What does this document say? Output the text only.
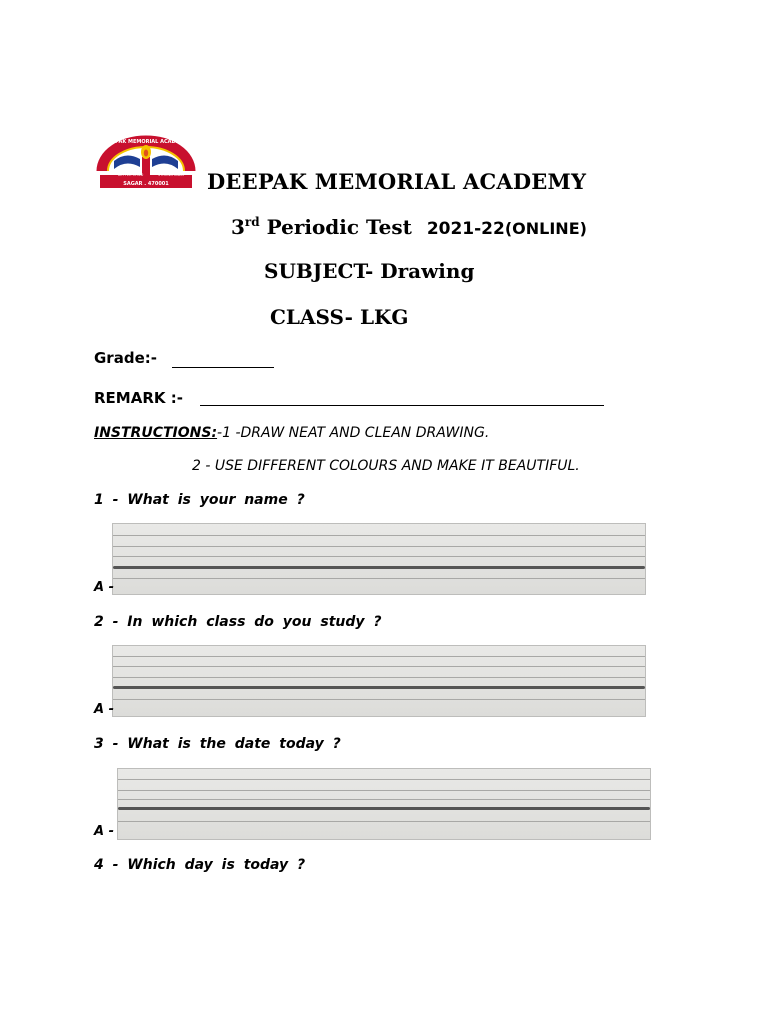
DEEPAK MEMORIAL ACADEMY
BETTER CHILD	STRONG INDIA
SAGAR . 470001 DEEPAK MEMORIAL ACADEMY
3rd Periodic Test 2021-22(ONLINE)
SUBJECT- Drawing
CLASS- LKG
Grade:-
REMARK :-
INSTRUCTIONS:-1 -DRAW NEAT AND CLEAN DRAWING.
2 - USE DIFFERENT COLOURS AND MAKE IT BEAUTIFUL.
1 - What is your name ?
A -
2 - In which class do you study ?
A -
3 - What is the date today ?
A -
4 - Which day is today ?
